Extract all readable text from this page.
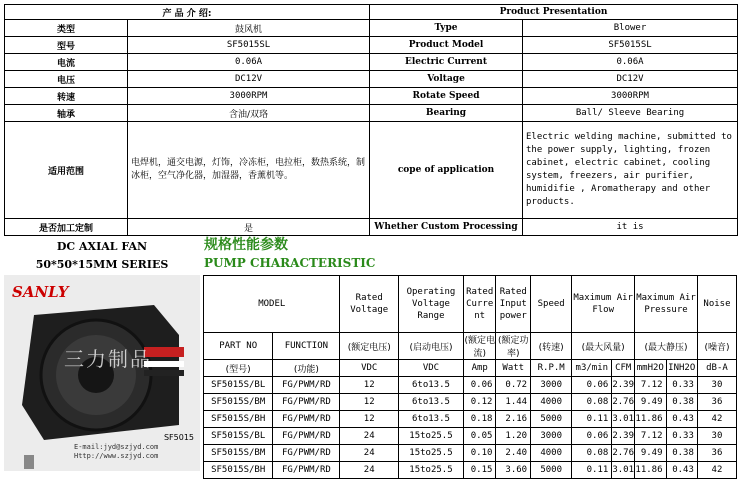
产 品 介 绍:		Product Presentation	
类型	鼓风机	Type	Blower
型号	SF5015SL	Product Model	SF5015SL
电流	0.06A	Electric Current	0.06A
电压	DC12V	Voltage	DC12V
转速	3000RPM	Rotate Speed	3000RPM
轴承	含油/双珞	Bearing	Ball/ Sleeve Bearing
适用范围	电焊机，通交电源，灯饰，冷冻柜，电拉柜，数热系统，制冰柜，空气净化器，加湿器，香薰机等。	cope of application	Electric welding machine, submitted to the power supply, lighting, frozen cabinet, electric cabinet, cooling system, freezers, air purifier, humidifie , Aromatherapy and other products.
是否加工定制	是	Whether Custom Processing	it is
DC AXIAL FAN
50*50*15MM SERIES
规格性能参数
PUMP CHARACTERISTIC
SANLY
三力制品
SF5015
E-mail:jyd@szjyd.com
Http://www.szjyd.com
MODEL		Rated Voltage	Operating Voltage Range	Rated Curre nt	Rated Input power	Speed	Maximum Air Flow		Maximum Air Pressure		Noise
PART NO	FUNCTION	(额定电压)	(启动电压)	(额定电流)	(额定功率)	(转速)	(最大风量)		(最大静压)		(噪音)
(型号)	(功能)	VDC	VDC	Amp	Watt	R.P.M	m3/min	CFM	mmH2O	INH2O	dB-A
SF5015S/BL	FG/PWM/RD	12	6to13.5	0.06	0.72	3000	0.06	2.39	7.12	0.33	30
SF5015S/BM	FG/PWM/RD	12	6to13.5	0.12	1.44	4000	0.08	2.76	9.49	0.38	36
SF5015S/BH	FG/PWM/RD	12	6to13.5	0.18	2.16	5000	0.11	3.01	11.86	0.43	42
SF5015S/BL	FG/PWM/RD	24	15to25.5	0.05	1.20	3000	0.06	2.39	7.12	0.33	30
SF5015S/BM	FG/PWM/RD	24	15to25.5	0.10	2.40	4000	0.08	2.76	9.49	0.38	36
SF5015S/BH	FG/PWM/RD	24	15to25.5	0.15	3.60	5000	0.11	3.01	11.86	0.43	42
